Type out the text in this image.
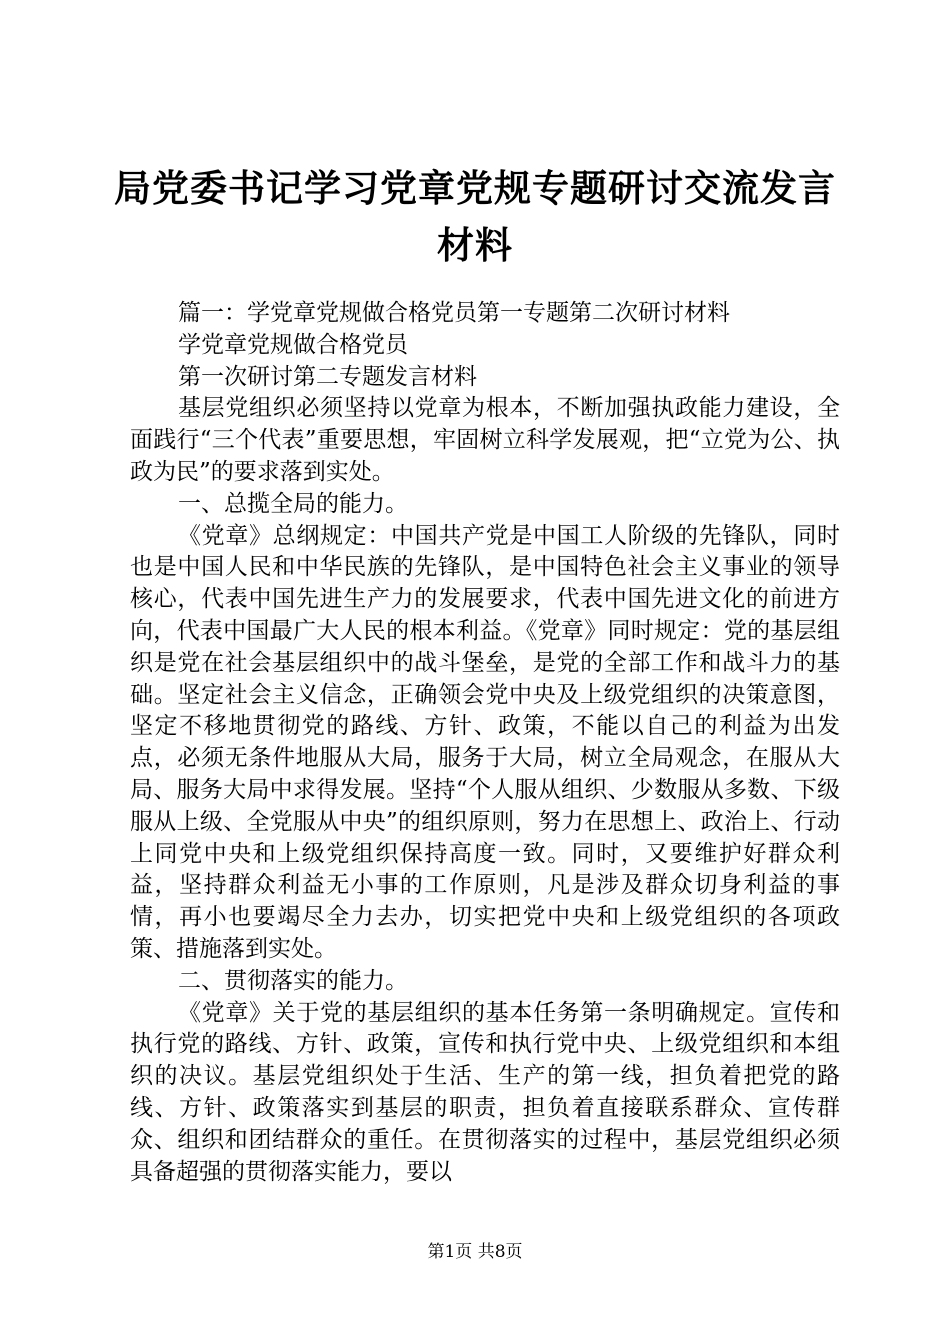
局党委书记学习党章党规专题研讨交流发言材料

篇一：学党章党规做合格党员第一专题第二次研讨材料

学党章党规做合格党员

第一次研讨第二专题发言材料

基层党组织必须坚持以党章为根本，不断加强执政能力建设，全面践行“三个代表”重要思想，牢固树立科学发展观，把“立党为公、执政为民”的要求落到实处。

一、总揽全局的能力。

《党章》总纲规定：中国共产党是中国工人阶级的先锋队，同时也是中国人民和中华民族的先锋队，是中国特色社会主义事业的领导核心，代表中国先进生产力的发展要求，代表中国先进文化的前进方向，代表中国最广大人民的根本利益。《党章》同时规定：党的基层组织是党在社会基层组织中的战斗堡垒，是党的全部工作和战斗力的基础。坚定社会主义信念，正确领会党中央及上级党组织的决策意图，坚定不移地贯彻党的路线、方针、政策，不能以自己的利益为出发点，必须无条件地服从大局，服务于大局，树立全局观念，在服从大局、服务大局中求得发展。坚持“个人服从组织、少数服从多数、下级服从上级、全党服从中央”的组织原则，努力在思想上、政治上、行动上同党中央和上级党组织保持高度一致。同时，又要维护好群众利益，坚持群众利益无小事的工作原则，凡是涉及群众切身利益的事情，再小也要竭尽全力去办，切实把党中央和上级党组织的各项政策、措施落到实处。

二、贯彻落实的能力。

《党章》关于党的基层组织的基本任务第一条明确规定。宣传和执行党的路线、方针、政策，宣传和执行党中央、上级党组织和本组织的决议。基层党组织处于生活、生产的第一线，担负着把党的路线、方针、政策落实到基层的职责，担负着直接联系群众、宣传群众、组织和团结群众的重任。在贯彻落实的过程中，基层党组织必须具备超强的贯彻落实能力，要以

第1页 共8页
